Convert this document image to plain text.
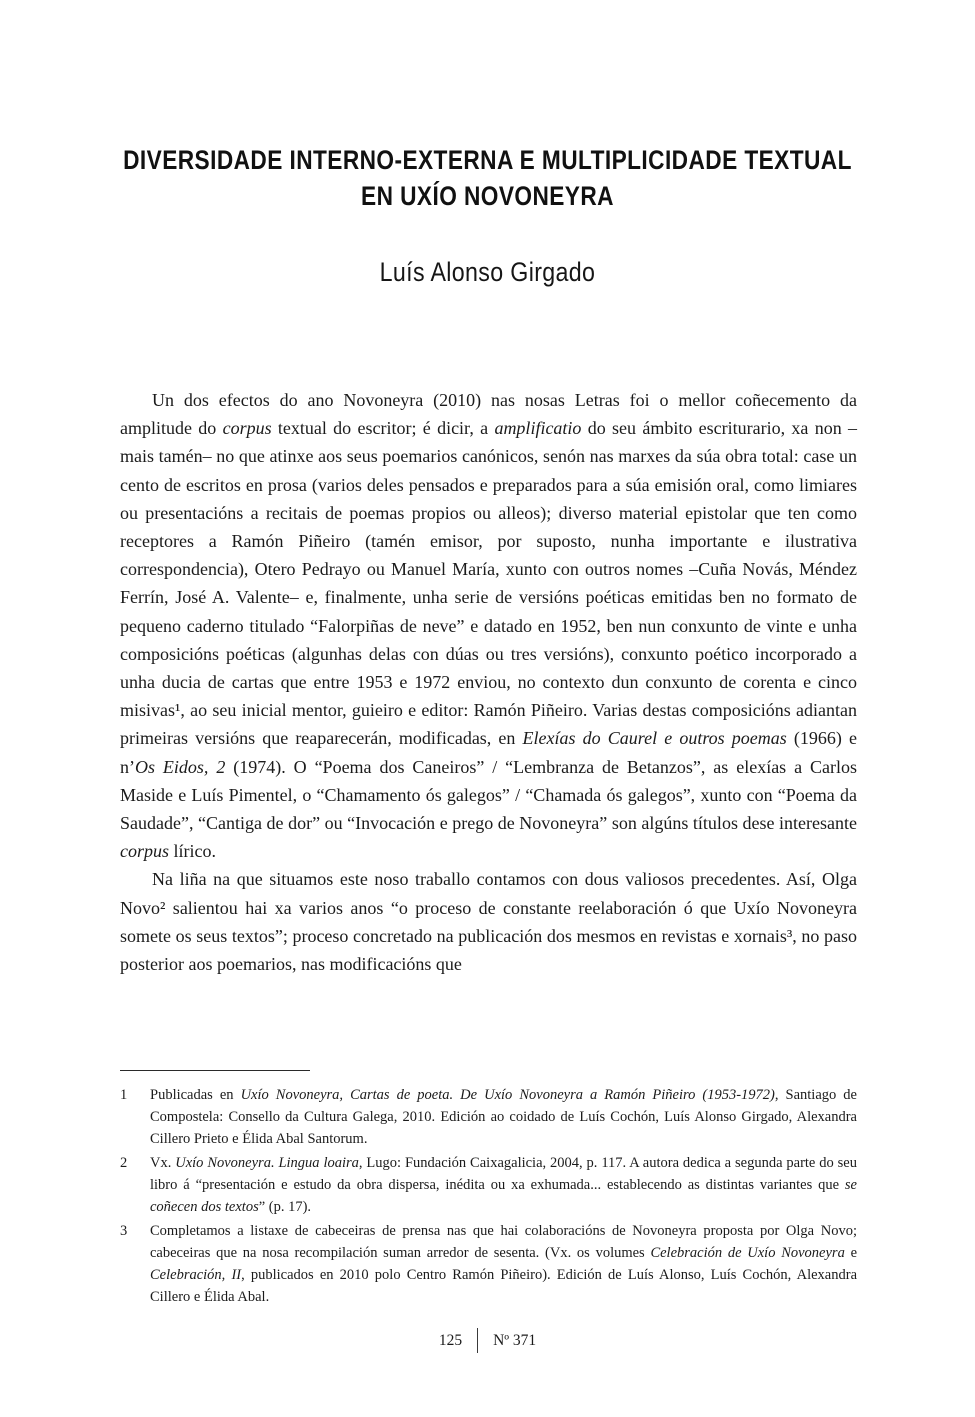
DIVERSIDADE INTERNO-EXTERNA E MULTIPLICIDADE TEXTUAL
EN UXÍO NOVONEYRA
Luís Alonso Girgado

Un dos efectos do ano Novoneyra (2010) nas nosas Letras foi o mellor coñecemento da amplitude do corpus textual do escritor; é dicir, a amplificatio do seu ámbito escriturario, xa non –mais tamén– no que atinxe aos seus poemarios canónicos, senón nas marxes da súa obra total: case un cento de escritos en prosa (varios deles pensados e preparados para a súa emisión oral, como limiares ou presentacións a recitais de poemas propios ou alleos); diverso material epistolar que ten como receptores a Ramón Piñeiro (tamén emisor, por suposto, nunha importante e ilustrativa correspondencia), Otero Pedrayo ou Manuel María, xunto con outros nomes –Cuña Novás, Méndez Ferrín, José A. Valente– e, finalmente, unha serie de versións poéticas emitidas ben no formato de pequeno caderno titulado “Falorpiñas de neve” e datado en 1952, ben nun conxunto de vinte e unha composicións poéticas (algunhas delas con dúas ou tres versións), conxunto poético incorporado a unha ducia de cartas que entre 1953 e 1972 enviou, no contexto dun conxunto de corenta e cinco misivas¹, ao seu inicial mentor, guieiro e editor: Ramón Piñeiro. Varias destas composicións adiantan primeiras versións que reaparecerán, modificadas, en Elexías do Caurel e outros poemas (1966) e n’Os Eidos, 2 (1974). O “Poema dos Caneiros” / “Lembranza de Betanzos”, as elexías a Carlos Maside e Luís Pimentel, o “Chamamento ós galegos” / “Chamada ós galegos”, xunto con “Poema da Saudade”, “Cantiga de dor” ou “Invocación e prego de Novoneyra” son algúns títulos dese interesante corpus lírico.

Na liña na que situamos este noso traballo contamos con dous valiosos precedentes. Así, Olga Novo² salientou hai xa varios anos “o proceso de constante reelaboración ó que Uxío Novoneyra somete os seus textos”; proceso concretado na publicación dos mesmos en revistas e xornais³, no paso posterior aos poemarios, nas modificacións que

1	Publicadas en Uxío Novoneyra, Cartas de poeta. De Uxío Novoneyra a Ramón Piñeiro (1953-1972), Santiago de Compostela: Consello da Cultura Galega, 2010. Edición ao coidado de Luís Cochón, Luís Alonso Girgado, Alexandra Cillero Prieto e Élida Abal Santorum.
2	Vx. Uxío Novoneyra. Lingua loaira, Lugo: Fundación Caixagalicia, 2004, p. 117. A autora dedica a segunda parte do seu libro á “presentación e estudo da obra dispersa, inédita ou xa exhumada... establecendo as distintas variantes que se coñecen dos textos” (p. 17).
3	Completamos a listaxe de cabeceiras de prensa nas que hai colaboracións de Novoneyra proposta por Olga Novo; cabeceiras que na nosa recompilación suman arredor de sesenta. (Vx. os volumes Celebración de Uxío Novoneyra e Celebración, II, publicados en 2010 polo Centro Ramón Piñeiro). Edición de Luís Alonso, Luís Cochón, Alexandra Cillero e Élida Abal.
125 Nº 371
